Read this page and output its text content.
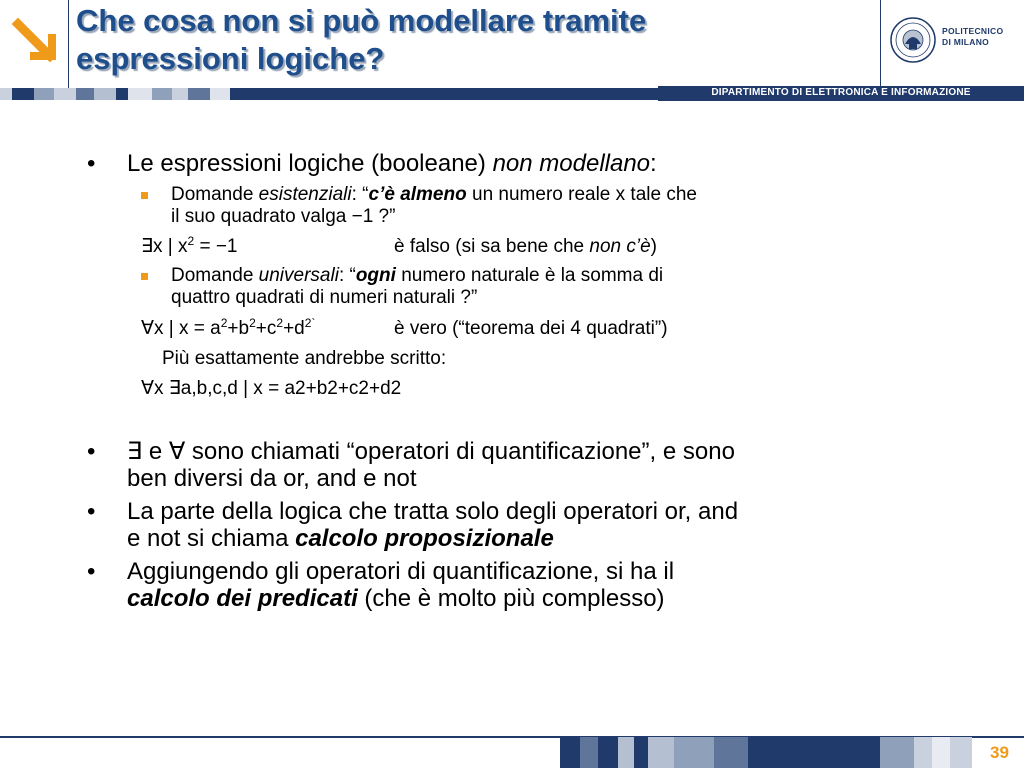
Che cosa non si può modellare tramite
espressioni logiche?
POLITECNICO
DI MILANO
DIPARTIMENTO DI ELETTRONICA E INFORMAZIONE
• Le espressioni logiche (booleane) non modellano:
Domande esistenziali: “c’è almeno un numero reale x tale che
il suo quadrato valga −1 ?”
∃x | $x^2 = -1$	è falso (si sa bene che non c’è)
Domande universali: “ogni numero naturale è la somma di
quattro quadrati di numeri naturali ?”
∀x | $x = a^2+b^2+c^2+d^{2`}$	è vero (“teorema dei 4 quadrati”)
Più esattamente andrebbe scritto:
∀x ∃a,b,c,d | x = a2+b2+c2+d2
• ∃ e ∀ sono chiamati “operatori di quantificazione”, e sono
ben diversi da or, and e not
• La parte della logica che tratta solo degli operatori or, and
e not si chiama calcolo proposizionale
• Aggiungendo gli operatori di quantificazione, si ha il
calcolo dei predicati (che è molto più complesso)
39
